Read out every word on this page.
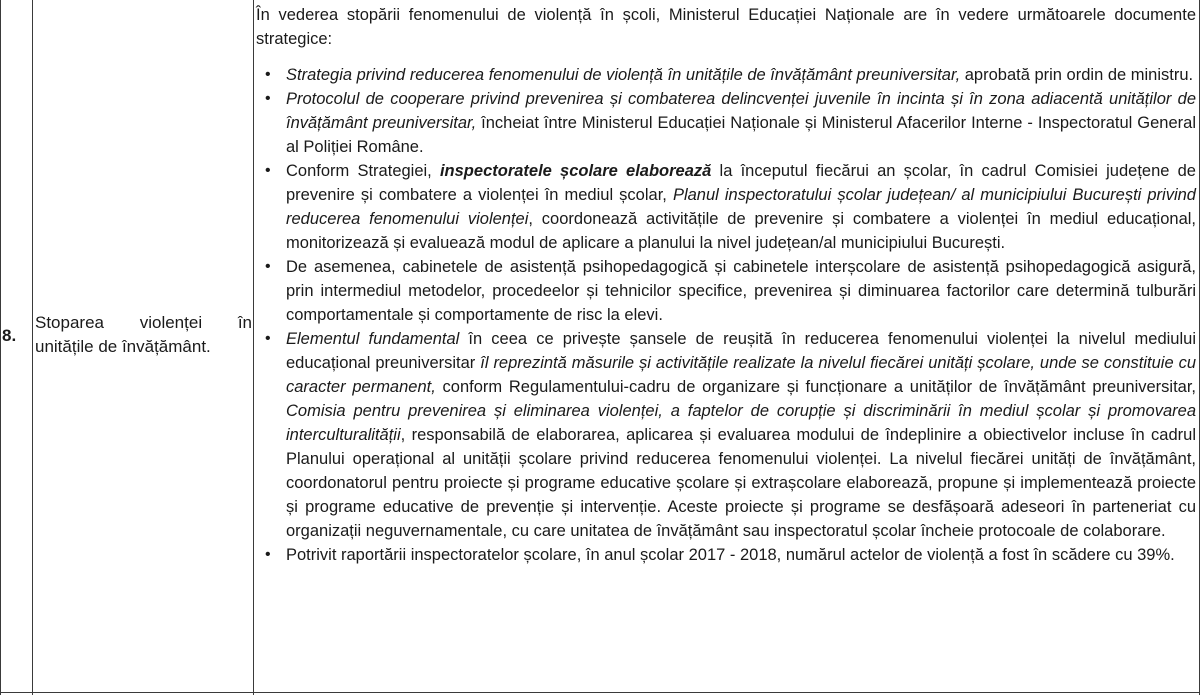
8.
Stoparea violenței în
unitățile de învățământ.

În vederea stopării fenomenului de violență în școli, Ministerul Educației Naționale are în vedere următoarele documente strategice:

• Strategia privind reducerea fenomenului de violență în unitățile de învățământ preuniversitar, aprobată prin ordin de ministru.
• Protocolul de cooperare privind prevenirea și combaterea delincvenței juvenile în incinta și în zona adiacentă unităților de învățământ preuniversitar, încheiat între Ministerul Educației Naționale și Ministerul Afacerilor Interne - Inspectoratul General al Poliției Române.
• Conform Strategiei, inspectoratele școlare elaborează la începutul fiecărui an școlar, în cadrul Comisiei județene de prevenire și combatere a violenței în mediul școlar, Planul inspectoratului școlar județean/ al municipiului București privind reducerea fenomenului violenței, coordonează activitățile de prevenire și combatere a violenței în mediul educațional, monitorizează și evaluează modul de aplicare a planului la nivel județean/al municipiului București.
• De asemenea, cabinetele de asistență psihopedagogică și cabinetele interșcolare de asistență psihopedagogică asigură, prin intermediul metodelor, procedeelor și tehnicilor specifice, prevenirea și diminuarea factorilor care determină tulburări comportamentale și comportamente de risc la elevi.
• Elementul fundamental în ceea ce privește șansele de reușită în reducerea fenomenului violenței la nivelul mediului educațional preuniversitar îl reprezintă măsurile și activitățile realizate la nivelul fiecărei unități școlare, unde se constituie cu caracter permanent, conform Regulamentului-cadru de organizare și funcționare a unităților de învățământ preuniversitar, Comisia pentru prevenirea și eliminarea violenței, a faptelor de corupție și discriminării în mediul școlar și promovarea interculturalității, responsabilă de elaborarea, aplicarea și evaluarea modului de îndeplinire a obiectivelor incluse în cadrul Planului operațional al unității școlare privind reducerea fenomenului violenței. La nivelul fiecărei unități de învățământ, coordonatorul pentru proiecte și programe educative școlare și extrașcolare elaborează, propune și implementează proiecte și programe educative de prevenție și intervenție. Aceste proiecte și programe se desfășoară adeseori în parteneriat cu organizații neguvernamentale, cu care unitatea de învățământ sau inspectoratul școlar încheie protocoale de colaborare.
• Potrivit raportării inspectoratelor școlare, în anul școlar 2017 - 2018, numărul actelor de violență a fost în scădere cu 39%.
